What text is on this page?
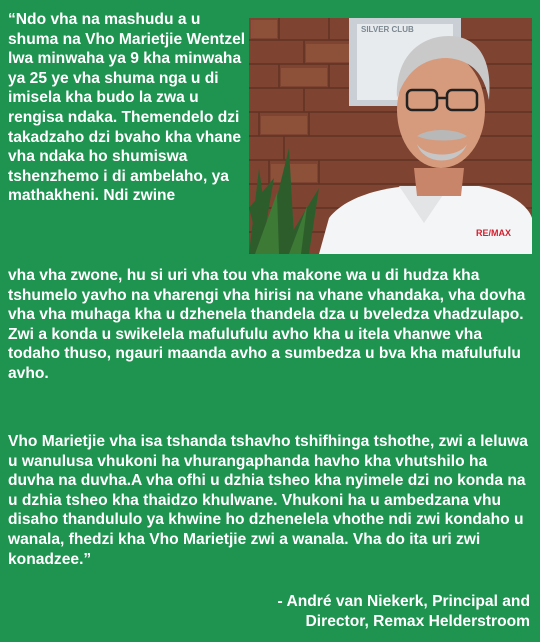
“Ndo vha na mashudu a u shuma na Vho Marietjie Wentzel lwa minwaha ya 9 kha minwaha ya 25 ye vha shuma nga u di imisela kha budo la zwa u rengisa ndaka. Themendelo dzi takadzaho dzi bvaho kha vhane vha ndaka ho shumiswa tshenzhemo i di ambelaho, ya mathakheni. Ndi zwine

SILVER CLUB
RE/MAX

vha vha zwone, hu si uri vha tou vha makone wa u di hudza kha tshumelo yavho na vharengi vha hirisi na vhane vhandaka, vha dovha vha vha muhaga kha u dzhenela thandela dza u bveledza vhadzulapo. Zwi a konda u swikelela mafulufulu avho kha u itela vhanwe vha todaho thuso, ngauri maanda avho a sumbedza u bva kha mafulufulu avho.

Vho Marietjie vha isa tshanda tshavho tshifhinga tshothe, zwi a leluwa u wanulusa vhukoni ha vhurangaphanda havho kha vhutshilo ha duvha na duvha.A vha ofhi u dzhia tsheo kha nyimele dzi no konda na u dzhia tsheo kha thaidzo khulwane. Vhukoni ha u ambedzana vhu disaho thandululo ya khwine ho dzhenelela vhothe ndi zwi kondaho u wanala, fhedzi kha Vho Marietjie zwi a wanala. Vha do ita uri zwi konadzee.”

- André van Niekerk, Principal and
Director, Remax Helderstroom
